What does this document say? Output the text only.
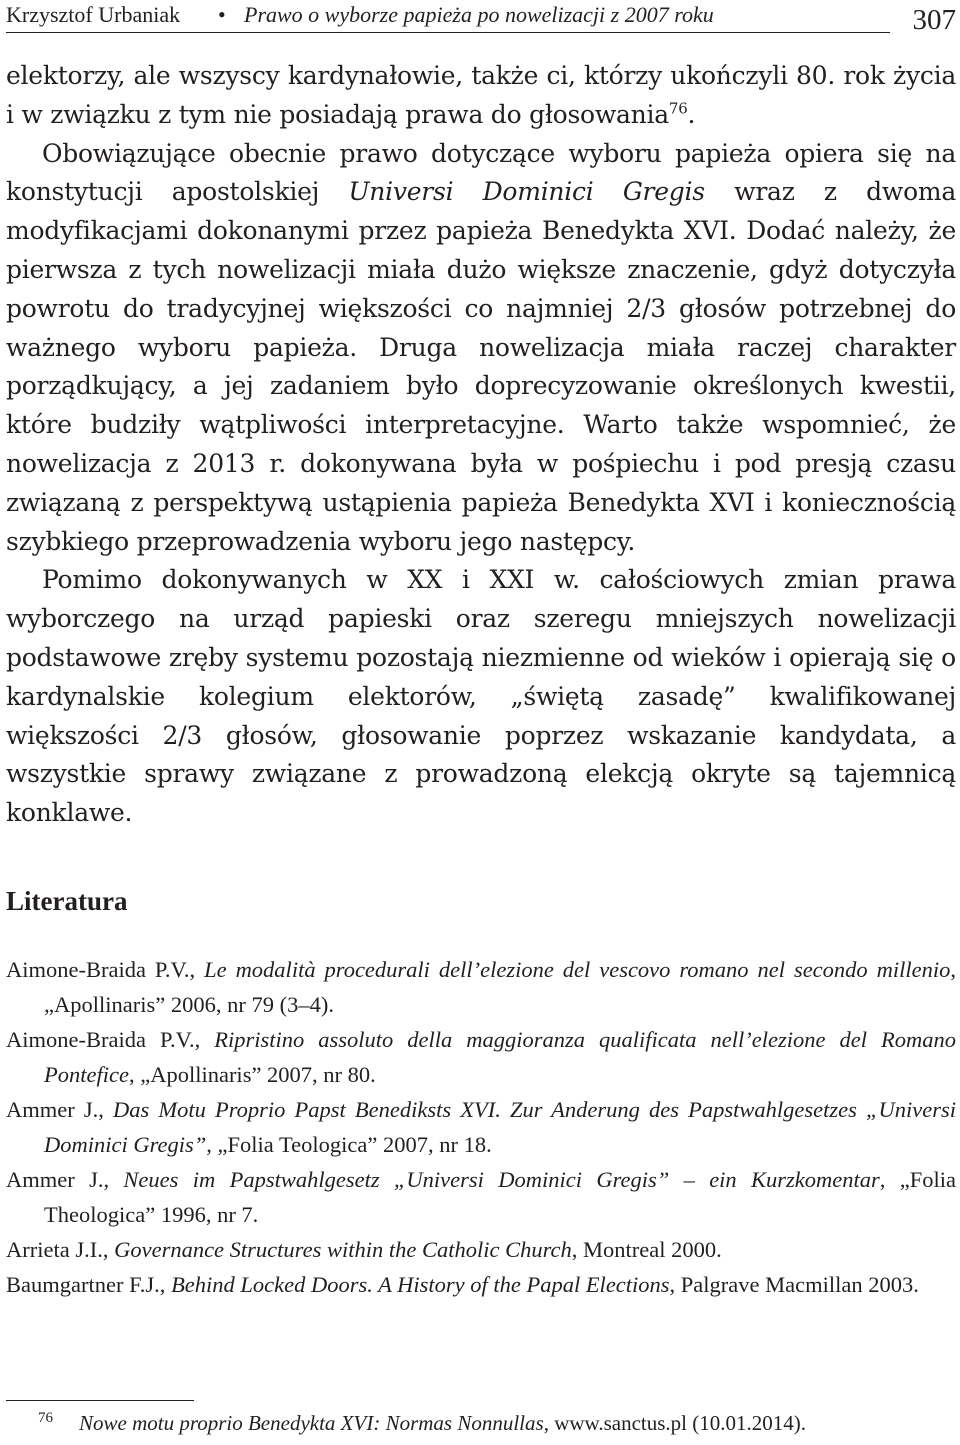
Krzysztof Urbaniak • Prawo o wyborze papieża po nowelizacji z 2007 roku	307

elektorzy, ale wszyscy kardynałowie, także ci, którzy ukończyli 80. rok życia i w związku z tym nie posiadają prawa do głosowania$^{76}$.

Obowiązujące obecnie prawo dotyczące wyboru papieża opiera się na konstytucji apostolskiej Universi Dominici Gregis wraz z dwoma modyfikacjami dokonanymi przez papieża Benedykta XVI. Dodać należy, że pierwsza z tych nowelizacji miała dużo większe znaczenie, gdyż dotyczyła powrotu do tradycyjnej większości co najmniej 2/3 głosów potrzebnej do ważnego wyboru papieża. Druga nowelizacja miała raczej charakter porządkujący, a jej zadaniem było doprecyzowanie określonych kwestii, które budziły wątpliwości interpretacyjne. Warto także wspomnieć, że nowelizacja z 2013 r. dokonywana była w pośpiechu i pod presją czasu związaną z perspektywą ustąpienia papieża Benedykta XVI i koniecznością szybkiego przeprowadzenia wyboru jego następcy.

Pomimo dokonywanych w XX i XXI w. całościowych zmian prawa wyborczego na urząd papieski oraz szeregu mniejszych nowelizacji podstawowe zręby systemu pozostają niezmienne od wieków i opierają się o kardynalskie kolegium elektorów, „świętą zasadę” kwalifikowanej większości 2/3 głosów, głosowanie poprzez wskazanie kandydata, a wszystkie sprawy związane z prowadzoną elekcją okryte są tajemnicą konklawe.

Literatura

Aimone-Braida P.V., Le modalità procedurali dell’elezione del vescovo romano nel secondo millenio, „Apollinaris” 2006, nr 79 (3–4).

Aimone-Braida P.V., Ripristino assoluto della maggioranza qualificata nell’elezione del Romano Pontefice, „Apollinaris” 2007, nr 80.

Ammer J., Das Motu Proprio Papst Benediksts XVI. Zur Anderung des Papstwahlgesetzes „Universi Dominici Gregis”, „Folia Teologica” 2007, nr 18.

Ammer J., Neues im Papstwahlgesetz „Universi Dominici Gregis” – ein Kurzkomentar, „Folia Theologica” 1996, nr 7.

Arrieta J.I., Governance Structures within the Catholic Church, Montreal 2000.

Baumgartner F.J., Behind Locked Doors. A History of the Papal Elections, Palgrave Macmillan 2003.

$^{76}$ Nowe motu proprio Benedykta XVI: Normas Nonnullas, www.sanctus.pl (10.01.2014).
